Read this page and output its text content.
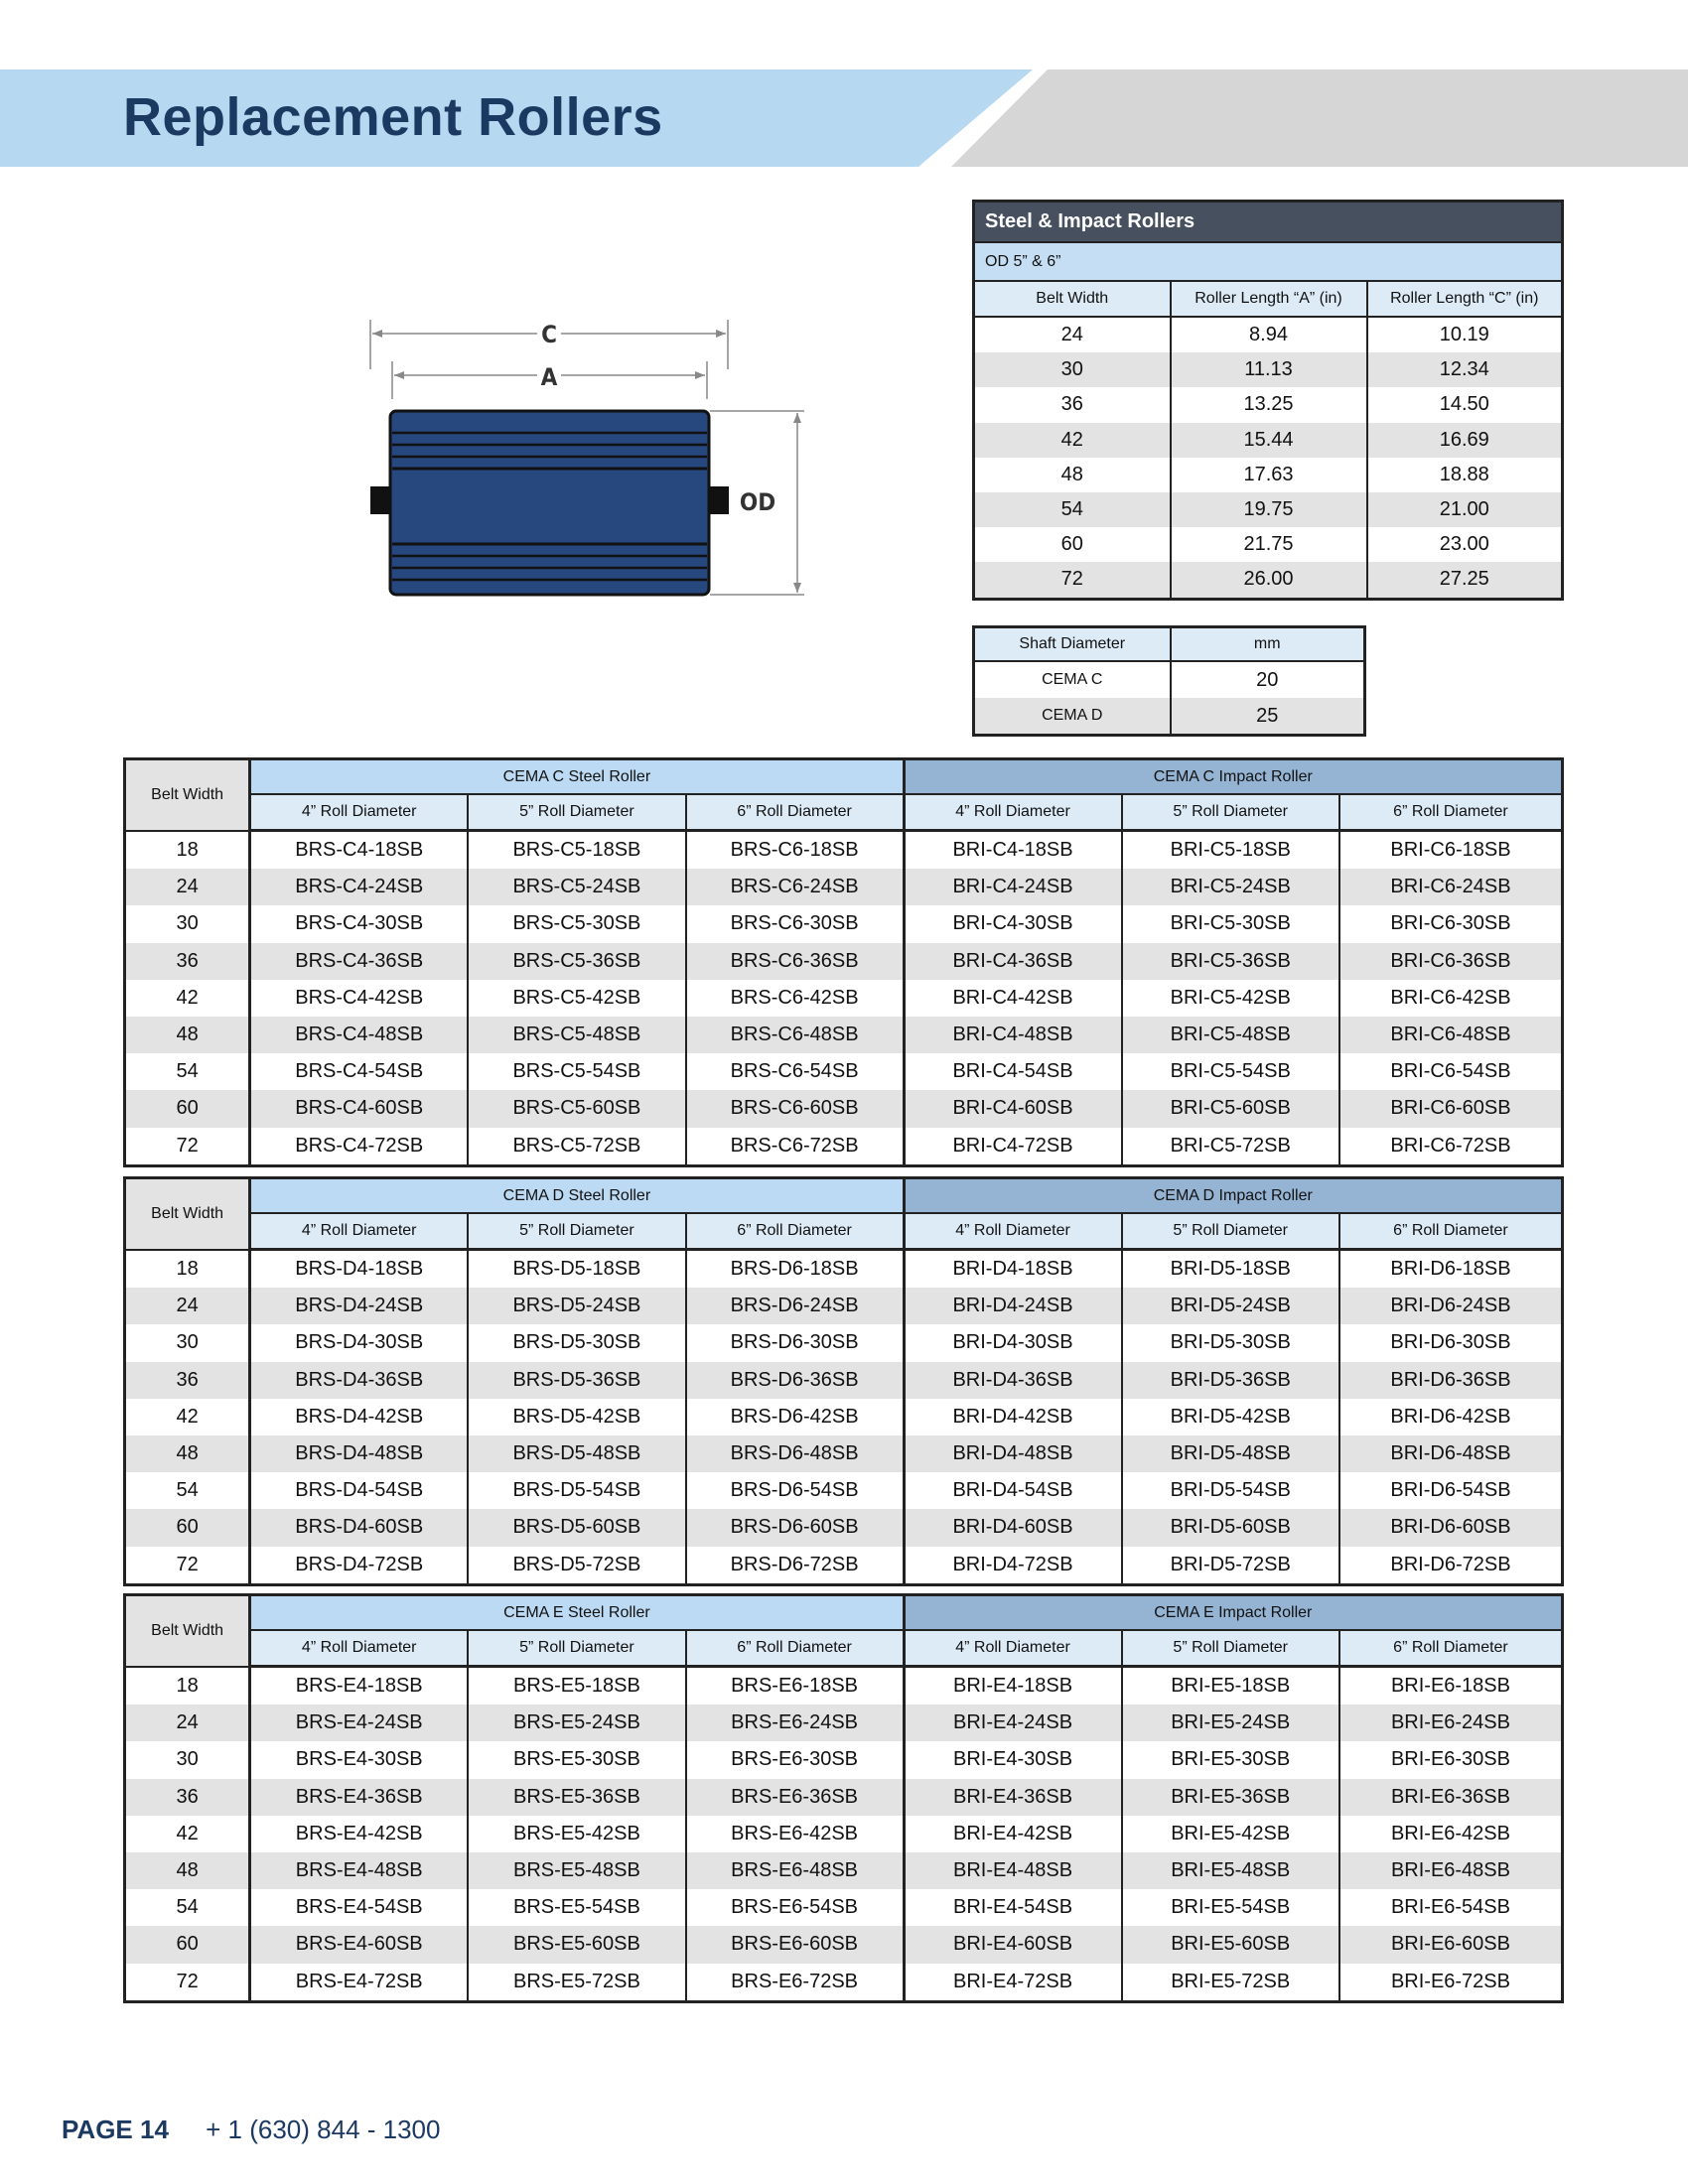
Replacement Rollers
C
A
OD
Steel & Impact Rollers		
OD 5” & 6”		
Belt Width	Roller Length “A” (in)	Roller Length “C” (in)
24	8.94	10.19
30	11.13	12.34
36	13.25	14.50
42	15.44	16.69
48	17.63	18.88
54	19.75	21.00
60	21.75	23.00
72	26.00	27.25
Shaft Diameter	mm
CEMA C	20
CEMA D	25
Belt Width	CEMA C Steel Roller			CEMA C Impact Roller		
	4” Roll Diameter	5” Roll Diameter	6” Roll Diameter	4” Roll Diameter	5” Roll Diameter	6” Roll Diameter
18	BRS-C4-18SB	BRS-C5-18SB	BRS-C6-18SB	BRI-C4-18SB	BRI-C5-18SB	BRI-C6-18SB
24	BRS-C4-24SB	BRS-C5-24SB	BRS-C6-24SB	BRI-C4-24SB	BRI-C5-24SB	BRI-C6-24SB
30	BRS-C4-30SB	BRS-C5-30SB	BRS-C6-30SB	BRI-C4-30SB	BRI-C5-30SB	BRI-C6-30SB
36	BRS-C4-36SB	BRS-C5-36SB	BRS-C6-36SB	BRI-C4-36SB	BRI-C5-36SB	BRI-C6-36SB
42	BRS-C4-42SB	BRS-C5-42SB	BRS-C6-42SB	BRI-C4-42SB	BRI-C5-42SB	BRI-C6-42SB
48	BRS-C4-48SB	BRS-C5-48SB	BRS-C6-48SB	BRI-C4-48SB	BRI-C5-48SB	BRI-C6-48SB
54	BRS-C4-54SB	BRS-C5-54SB	BRS-C6-54SB	BRI-C4-54SB	BRI-C5-54SB	BRI-C6-54SB
60	BRS-C4-60SB	BRS-C5-60SB	BRS-C6-60SB	BRI-C4-60SB	BRI-C5-60SB	BRI-C6-60SB
72	BRS-C4-72SB	BRS-C5-72SB	BRS-C6-72SB	BRI-C4-72SB	BRI-C5-72SB	BRI-C6-72SB
Belt Width	CEMA D Steel Roller			CEMA D Impact Roller		
	4” Roll Diameter	5” Roll Diameter	6” Roll Diameter	4” Roll Diameter	5” Roll Diameter	6” Roll Diameter
18	BRS-D4-18SB	BRS-D5-18SB	BRS-D6-18SB	BRI-D4-18SB	BRI-D5-18SB	BRI-D6-18SB
24	BRS-D4-24SB	BRS-D5-24SB	BRS-D6-24SB	BRI-D4-24SB	BRI-D5-24SB	BRI-D6-24SB
30	BRS-D4-30SB	BRS-D5-30SB	BRS-D6-30SB	BRI-D4-30SB	BRI-D5-30SB	BRI-D6-30SB
36	BRS-D4-36SB	BRS-D5-36SB	BRS-D6-36SB	BRI-D4-36SB	BRI-D5-36SB	BRI-D6-36SB
42	BRS-D4-42SB	BRS-D5-42SB	BRS-D6-42SB	BRI-D4-42SB	BRI-D5-42SB	BRI-D6-42SB
48	BRS-D4-48SB	BRS-D5-48SB	BRS-D6-48SB	BRI-D4-48SB	BRI-D5-48SB	BRI-D6-48SB
54	BRS-D4-54SB	BRS-D5-54SB	BRS-D6-54SB	BRI-D4-54SB	BRI-D5-54SB	BRI-D6-54SB
60	BRS-D4-60SB	BRS-D5-60SB	BRS-D6-60SB	BRI-D4-60SB	BRI-D5-60SB	BRI-D6-60SB
72	BRS-D4-72SB	BRS-D5-72SB	BRS-D6-72SB	BRI-D4-72SB	BRI-D5-72SB	BRI-D6-72SB
Belt Width	CEMA E Steel Roller			CEMA E Impact Roller		
	4” Roll Diameter	5” Roll Diameter	6” Roll Diameter	4” Roll Diameter	5” Roll Diameter	6” Roll Diameter
18	BRS-E4-18SB	BRS-E5-18SB	BRS-E6-18SB	BRI-E4-18SB	BRI-E5-18SB	BRI-E6-18SB
24	BRS-E4-24SB	BRS-E5-24SB	BRS-E6-24SB	BRI-E4-24SB	BRI-E5-24SB	BRI-E6-24SB
30	BRS-E4-30SB	BRS-E5-30SB	BRS-E6-30SB	BRI-E4-30SB	BRI-E5-30SB	BRI-E6-30SB
36	BRS-E4-36SB	BRS-E5-36SB	BRS-E6-36SB	BRI-E4-36SB	BRI-E5-36SB	BRI-E6-36SB
42	BRS-E4-42SB	BRS-E5-42SB	BRS-E6-42SB	BRI-E4-42SB	BRI-E5-42SB	BRI-E6-42SB
48	BRS-E4-48SB	BRS-E5-48SB	BRS-E6-48SB	BRI-E4-48SB	BRI-E5-48SB	BRI-E6-48SB
54	BRS-E4-54SB	BRS-E5-54SB	BRS-E6-54SB	BRI-E4-54SB	BRI-E5-54SB	BRI-E6-54SB
60	BRS-E4-60SB	BRS-E5-60SB	BRS-E6-60SB	BRI-E4-60SB	BRI-E5-60SB	BRI-E6-60SB
72	BRS-E4-72SB	BRS-E5-72SB	BRS-E6-72SB	BRI-E4-72SB	BRI-E5-72SB	BRI-E6-72SB
PAGE 14 + 1 (630) 844 - 1300
